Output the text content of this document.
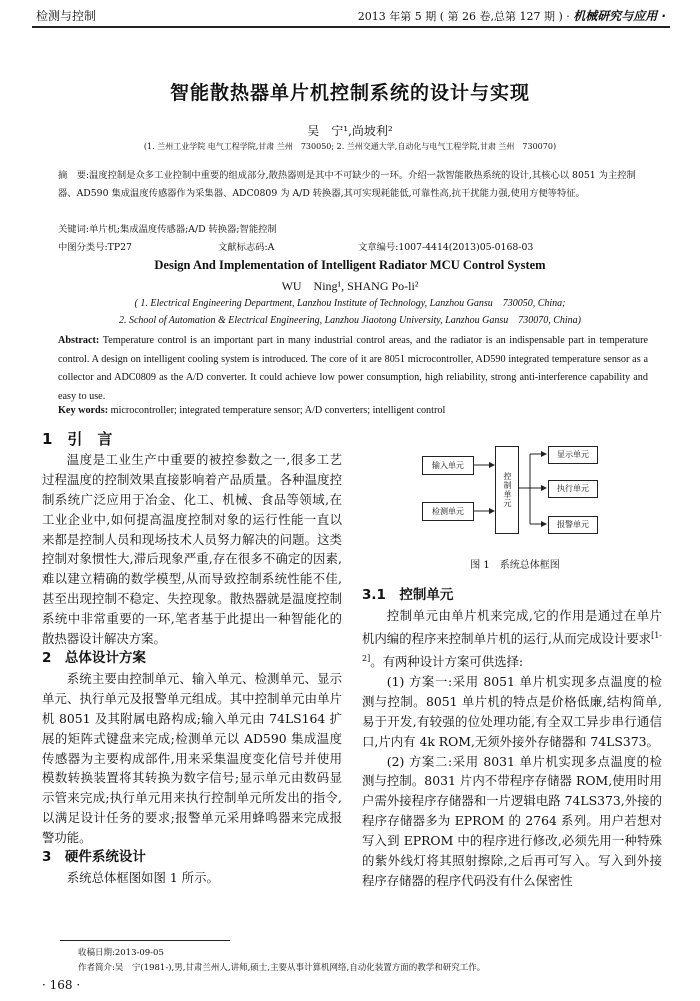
检测与控制	2013 年第 5 期 ( 第 26 卷,总第 127 期 ) · 机械研究与应用 ·
智能散热器单片机控制系统的设计与实现
吴　宁¹,尚坡利²
(1. 兰州工业学院 电气工程学院,甘肃 兰州　730050; 2. 兰州交通大学,自动化与电气工程学院,甘肃 兰州　730070)
摘　要:温度控制是众多工业控制中重要的组成部分,散热器则是其中不可缺少的一环。介绍一款智能散热系统的设计,其核心以 8051 为主控制器、AD590 集成温度传感器作为采集器、ADC0809 为 A/D 转换器,其可实现耗能低,可靠性高,抗干扰能力强,使用方便等特征。
关键词:单片机;集成温度传感器;A/D 转换器;智能控制
中图分类号:TP27	文献标志码:A	文章编号:1007-4414(2013)05-0168-03
Design And Implementation of Intelligent Radiator MCU Control System
WU　Ning¹, SHANG Po-li²
( 1. Electrical Engineering Department, Lanzhou Institute of Technology, Lanzhou Gansu　730050, China;
2. School of Automation & Electrical Engineering, Lanzhou Jiaotong University, Lanzhou Gansu　730070, China)
Abstract: Temperature control is an important part in many industrial control areas, and the radiator is an indispensable part in temperature control. A design on intelligent cooling system is introduced. The core of it are 8051 microcontroller, AD590 integrated temperature sensor as a collector and ADC0809 as the A/D converter. It could achieve low power consumption, high reliability, strong anti-interference capability and easy to use.
Key words: microcontroller; integrated temperature sensor; A/D converters; intelligent control
1　引　言

温度是工业生产中重要的被控参数之一,很多工艺过程温度的控制效果直接影响着产品质量。各种温度控制系统广泛应用于冶金、化工、机械、食品等领域,在工业企业中,如何提高温度控制对象的运行性能一直以来都是控制人员和现场技术人员努力解决的问题。这类控制对象惯性大,滞后现象严重,存在很多不确定的因素,难以建立精确的数学模型,从而导致控制系统性能不佳,甚至出现控制不稳定、失控现象。散热器就是温度控制系统中非常重要的一环,笔者基于此提出一种智能化的散热器设计解决方案。

2　总体设计方案

系统主要由控制单元、输入单元、检测单元、显示单元、执行单元及报警单元组成。其中控制单元由单片机 8051 及其附属电路构成;输入单元由 74LS164 扩展的矩阵式键盘来完成;检测单元以 AD590 集成温度传感器为主要构成部件,用来采集温度变化信号并使用模数转换装置将其转换为数字信号;显示单元由数码显示管来完成;执行单元用来执行控制单元所发出的指令,以满足设计任务的要求;报警单元采用蜂鸣器来完成报警功能。

3　硬件系统设计

系统总体框图如图 1 所示。

输入单元
检测单元
控制单元
显示单元
执行单元
报警单元
图 1　系统总体框图
3.1　控制单元

控制单元由单片机来完成,它的作用是通过在单片机内编的程序来控制单片机的运行,从而完成设计要求[1-2]。有两种设计方案可供选择:

(1) 方案一:采用 8051 单片机实现多点温度的检测与控制。8051 单片机的特点是价格低廉,结构简单,易于开发,有较强的位处理功能,有全双工异步串行通信口,片内有 4k ROM,无须外接外存储器和 74LS373。

(2) 方案二:采用 8031 单片机实现多点温度的检测与控制。8031 片内不带程序存储器 ROM,使用时用户需外接程序存储器和一片逻辑电路 74LS373,外接的程序存储器多为 EPROM 的 2764 系列。用户若想对写入到 EPROM 中的程序进行修改,必须先用一种特殊的紫外线灯将其照射擦除,之后再可写入。写入到外接程序存储器的程序代码没有什么保密性

收稿日期:2013-09-05
作者简介:吴　宁(1981-),男,甘肃兰州人,讲师,硕士,主要从事计算机网络,自动化装置方面的教学和研究工作。
· 168 ·
